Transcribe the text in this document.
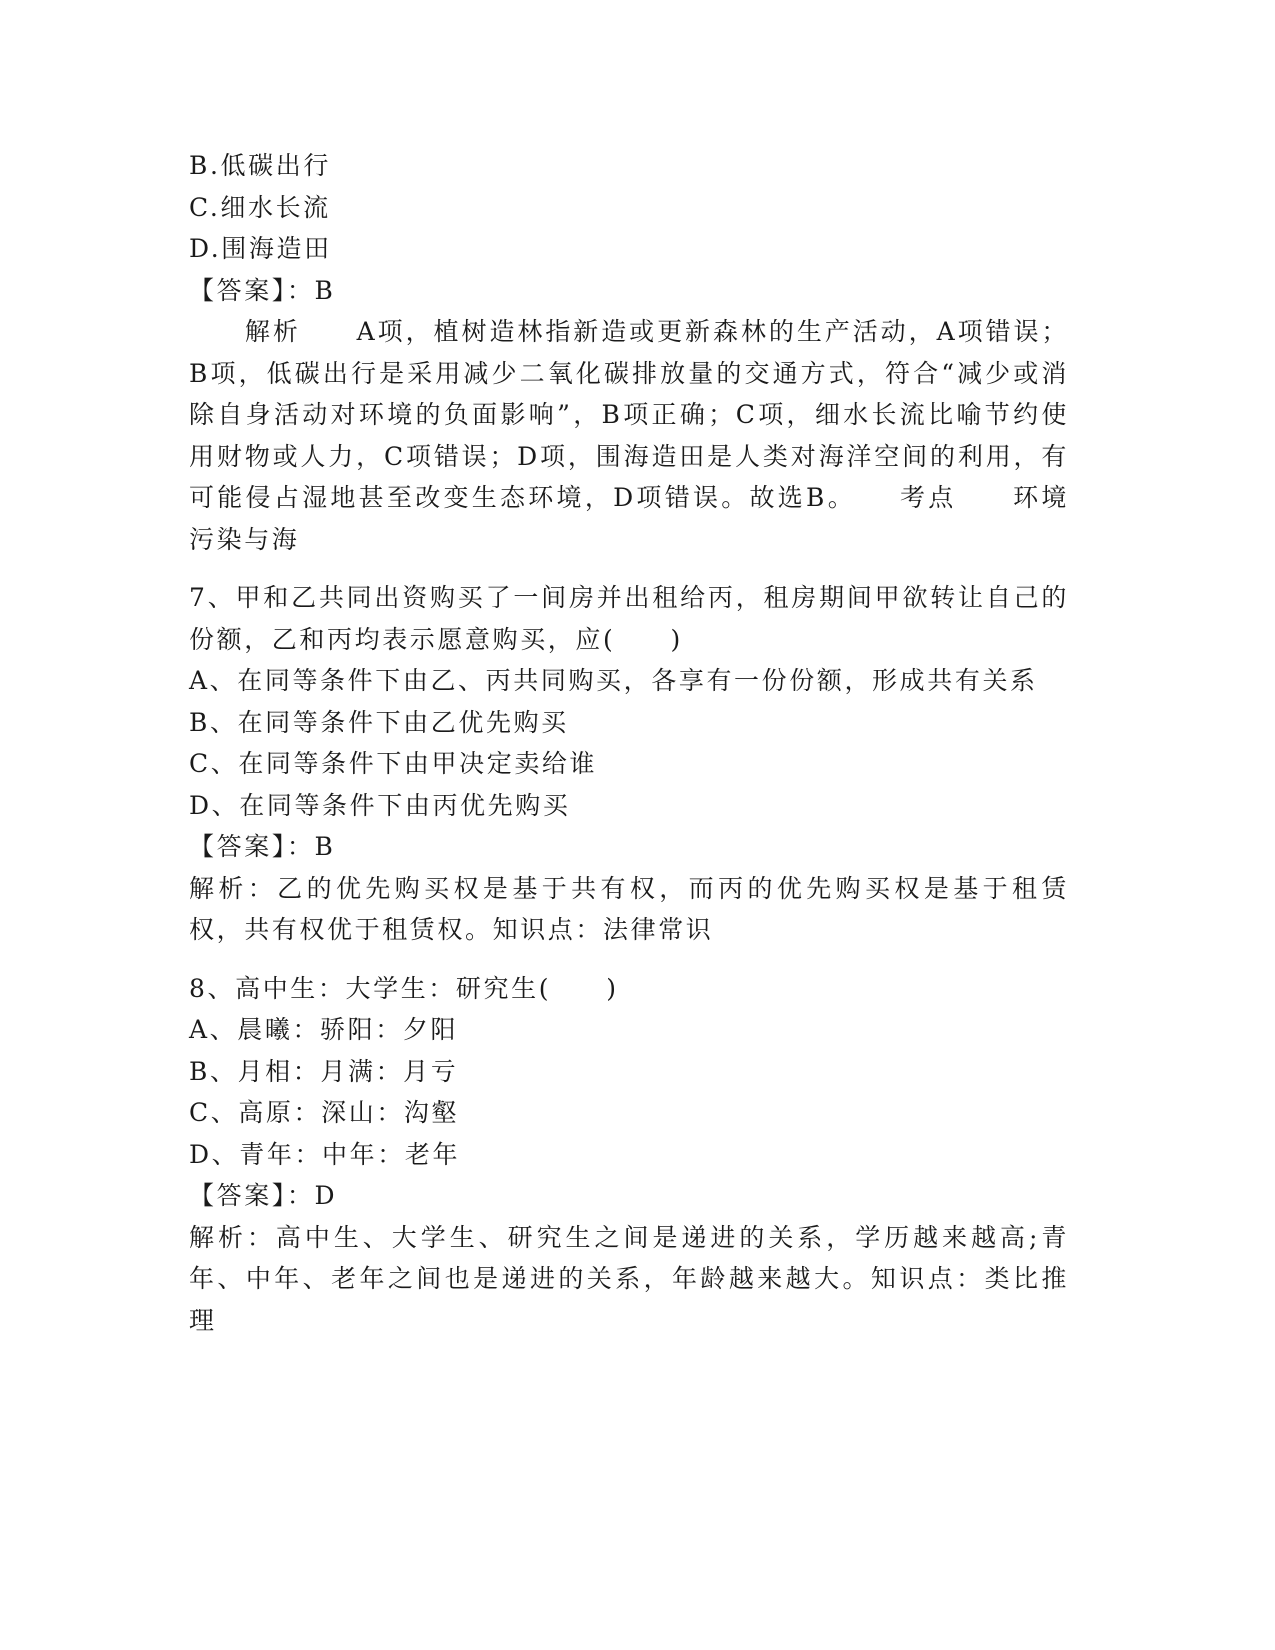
B.低碳出行
C.细水长流
D.围海造田
【答案】：B
　　解析　　A项，植树造林指新造或更新森林的生产活动，A项错误；B项，低碳出行是采用减少二氧化碳排放量的交通方式，符合“减少或消除自身活动对环境的负面影响”，B项正确；C项，细水长流比喻节约使用财物或人力，C项错误；D项，围海造田是人类对海洋空间的利用，有可能侵占湿地甚至改变生态环境，D项错误。故选B。　　考点　　环境污染与海
7、甲和乙共同出资购买了一间房并出租给丙，租房期间甲欲转让自己的份额，乙和丙均表示愿意购买，应(　　)
A、在同等条件下由乙、丙共同购买，各享有一份份额，形成共有关系
B、在同等条件下由乙优先购买
C、在同等条件下由甲决定卖给谁
D、在同等条件下由丙优先购买
【答案】：B
解析：乙的优先购买权是基于共有权，而丙的优先购买权是基于租赁权，共有权优于租赁权。知识点：法律常识
8、高中生：大学生：研究生(　　)
A、晨曦：骄阳：夕阳
B、月相：月满：月亏
C、高原：深山：沟壑
D、青年：中年：老年
【答案】：D
解析：高中生、大学生、研究生之间是递进的关系，学历越来越高;青年、中年、老年之间也是递进的关系，年龄越来越大。知识点：类比推理
